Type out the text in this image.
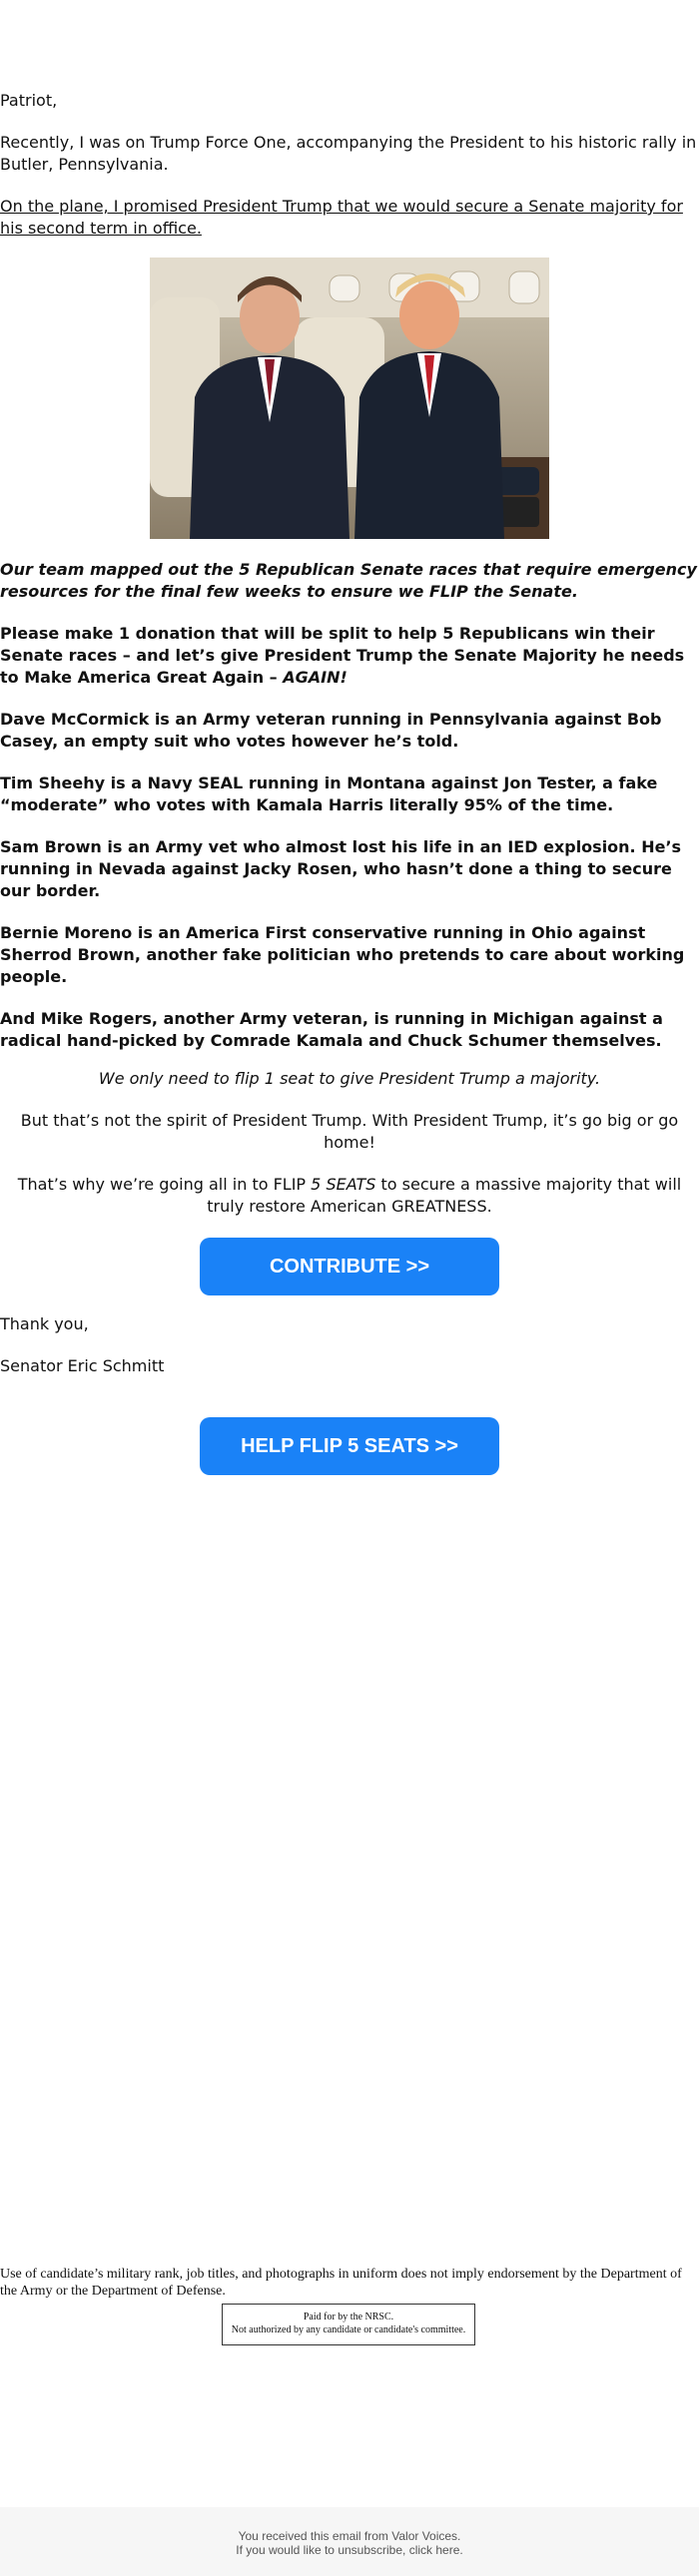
Patriot,

Recently, I was on Trump Force One, accompanying the President to his historic rally in Butler, Pennsylvania.

On the plane, I promised President Trump that we would secure a Senate majority for his second term in office.

Our team mapped out the 5 Republican Senate races that require emergency resources for the final few weeks to ensure we FLIP the Senate.

Please make 1 donation that will be split to help 5 Republicans win their Senate races – and let’s give President Trump the Senate Majority he needs to Make America Great Again – AGAIN!

Dave McCormick is an Army veteran running in Pennsylvania against Bob Casey, an empty suit who votes however he’s told.

Tim Sheehy is a Navy SEAL running in Montana against Jon Tester, a fake “moderate” who votes with Kamala Harris literally 95% of the time.

Sam Brown is an Army vet who almost lost his life in an IED explosion. He’s running in Nevada against Jacky Rosen, who hasn’t done a thing to secure our border.

Bernie Moreno is an America First conservative running in Ohio against Sherrod Brown, another fake politician who pretends to care about working people.

And Mike Rogers, another Army veteran, is running in Michigan against a radical hand-picked by Comrade Kamala and Chuck Schumer themselves.

We only need to flip 1 seat to give President Trump a majority.

But that’s not the spirit of President Trump. With President Trump, it’s go big or go home!

That’s why we’re going all in to FLIP 5 SEATS to secure a massive majority that will truly restore American GREATNESS.

CONTRIBUTE >>

Thank you,

Senator Eric Schmitt

HELP FLIP 5 SEATS >>
Use of candidate’s military rank, job titles, and photographs in uniform does not imply endorsement by the Department of the Army or the Department of Defense.
Paid for by the NRSC.
Not authorized by any candidate or candidate's committee.
You received this email from Valor Voices.
If you would like to unsubscribe, click here.
